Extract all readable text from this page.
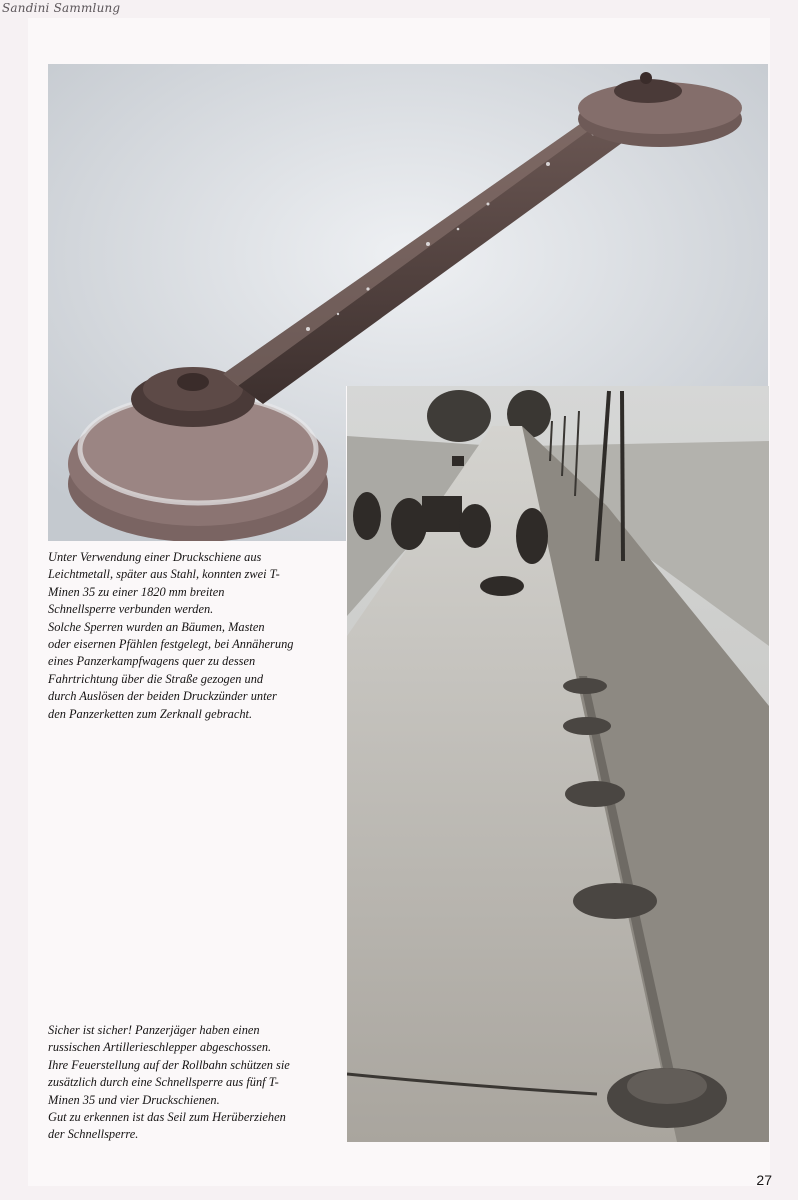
Sandini Sammlung

Unter Verwendung einer Druckschiene aus

Leichtmetall, später aus Stahl, konnten zwei T-

Minen 35 zu einer 1820 mm breiten

Schnellsperre verbunden werden.

Solche Sperren wurden an Bäumen, Masten

oder eisernen Pfählen festgelegt, bei Annäherung

eines Panzerkampfwagens quer zu dessen

Fahrtrichtung über die Straße gezogen und

durch Auslösen der beiden Druckzünder unter

den Panzerketten zum Zerknall gebracht.

Sicher ist sicher! Panzerjäger haben einen

russischen Artillerieschlepper abgeschossen.

Ihre Feuerstellung auf der Rollbahn schützen sie

zusätzlich durch eine Schnellsperre aus fünf T-

Minen 35 und vier Druckschienen.

Gut zu erkennen ist das Seil zum Herüberziehen

der Schnellsperre.

27
